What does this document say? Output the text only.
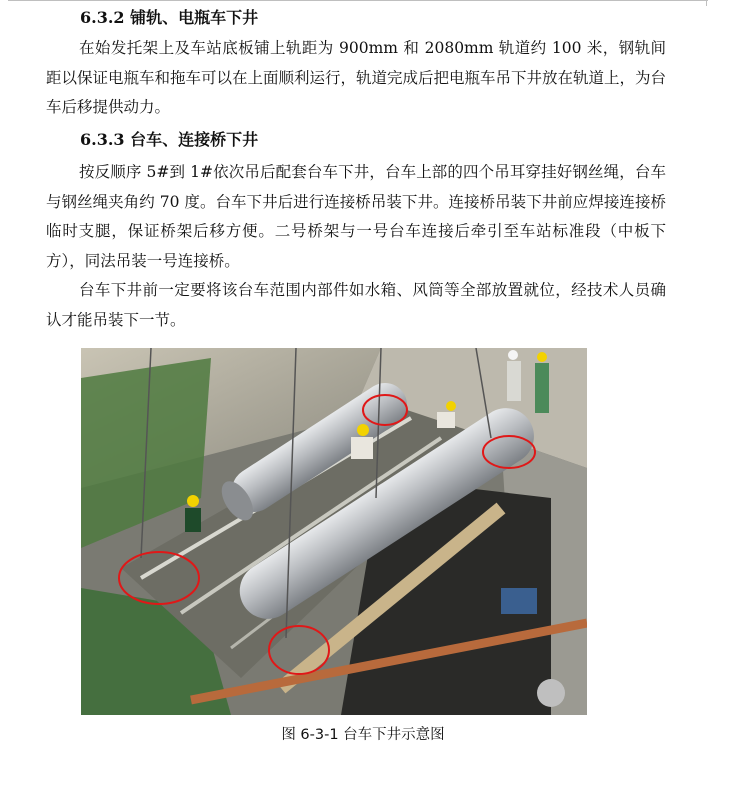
6.3.2 铺轨、电瓶车下井

在始发托架上及车站底板铺上轨距为 900mm 和 2080mm 轨道约 100 米，钢轨间距以保证电瓶车和拖车可以在上面顺利运行，轨道完成后把电瓶车吊下井放在轨道上，为台车后移提供动力。

6.3.3 台车、连接桥下井

按反顺序 5#到 1#依次吊后配套台车下井，台车上部的四个吊耳穿挂好钢丝绳，台车与钢丝绳夹角约 70 度。台车下井后进行连接桥吊装下井。连接桥吊装下井前应焊接连接桥临时支腿，保证桥架后移方便。二号桥架与一号台车连接后牵引至车站标准段（中板下方），同法吊装一号连接桥。

台车下井前一定要将该台车范围内部件如水箱、风筒等全部放置就位，经技术人员确认才能吊装下一节。

图 6-3-1 台车下井示意图
